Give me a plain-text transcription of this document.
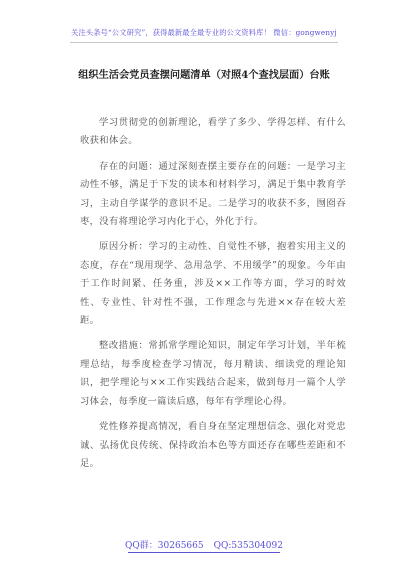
关注头条号“公文研究”，获得最新最全最专业的公文资料库！ 微信：gongwenyj
组织生活会党员查摆问题清单（对照4个查找层面）台账

学习贯彻党的创新理论，看学了多少、学得怎样、有什么收获和体会。

存在的问题：通过深刻查摆主要存在的问题：一是学习主动性不够，满足于下发的读本和材料学习，满足于集中教育学习，主动自学谋学的意识不足。二是学习的收获不多，囫囵吞枣，没有将理论学习内化于心，外化于行。

原因分析：学习的主动性、自觉性不够，抱着实用主义的态度，存在“现用现学、急用急学、不用缓学”的现象。今年由于工作时间紧、任务重，涉及××工作等方面，学习的时效性、专业性、针对性不强，工作理念与先进××存在较大差距。

整改措施：常抓常学理论知识，制定年学习计划，半年梳理总结，每季度检查学习情况，每月精读、细读党的理论知识，把学理论与××工作实践结合起来，做到每月一篇个人学习体会，每季度一篇读后感，每年有学理论心得。

党性修养提高情况，看自身在坚定理想信念、强化对党忠诚、弘扬优良传统、保持政治本色等方面还存在哪些差距和不足。

QQ群：30265665 QQ:535304092
